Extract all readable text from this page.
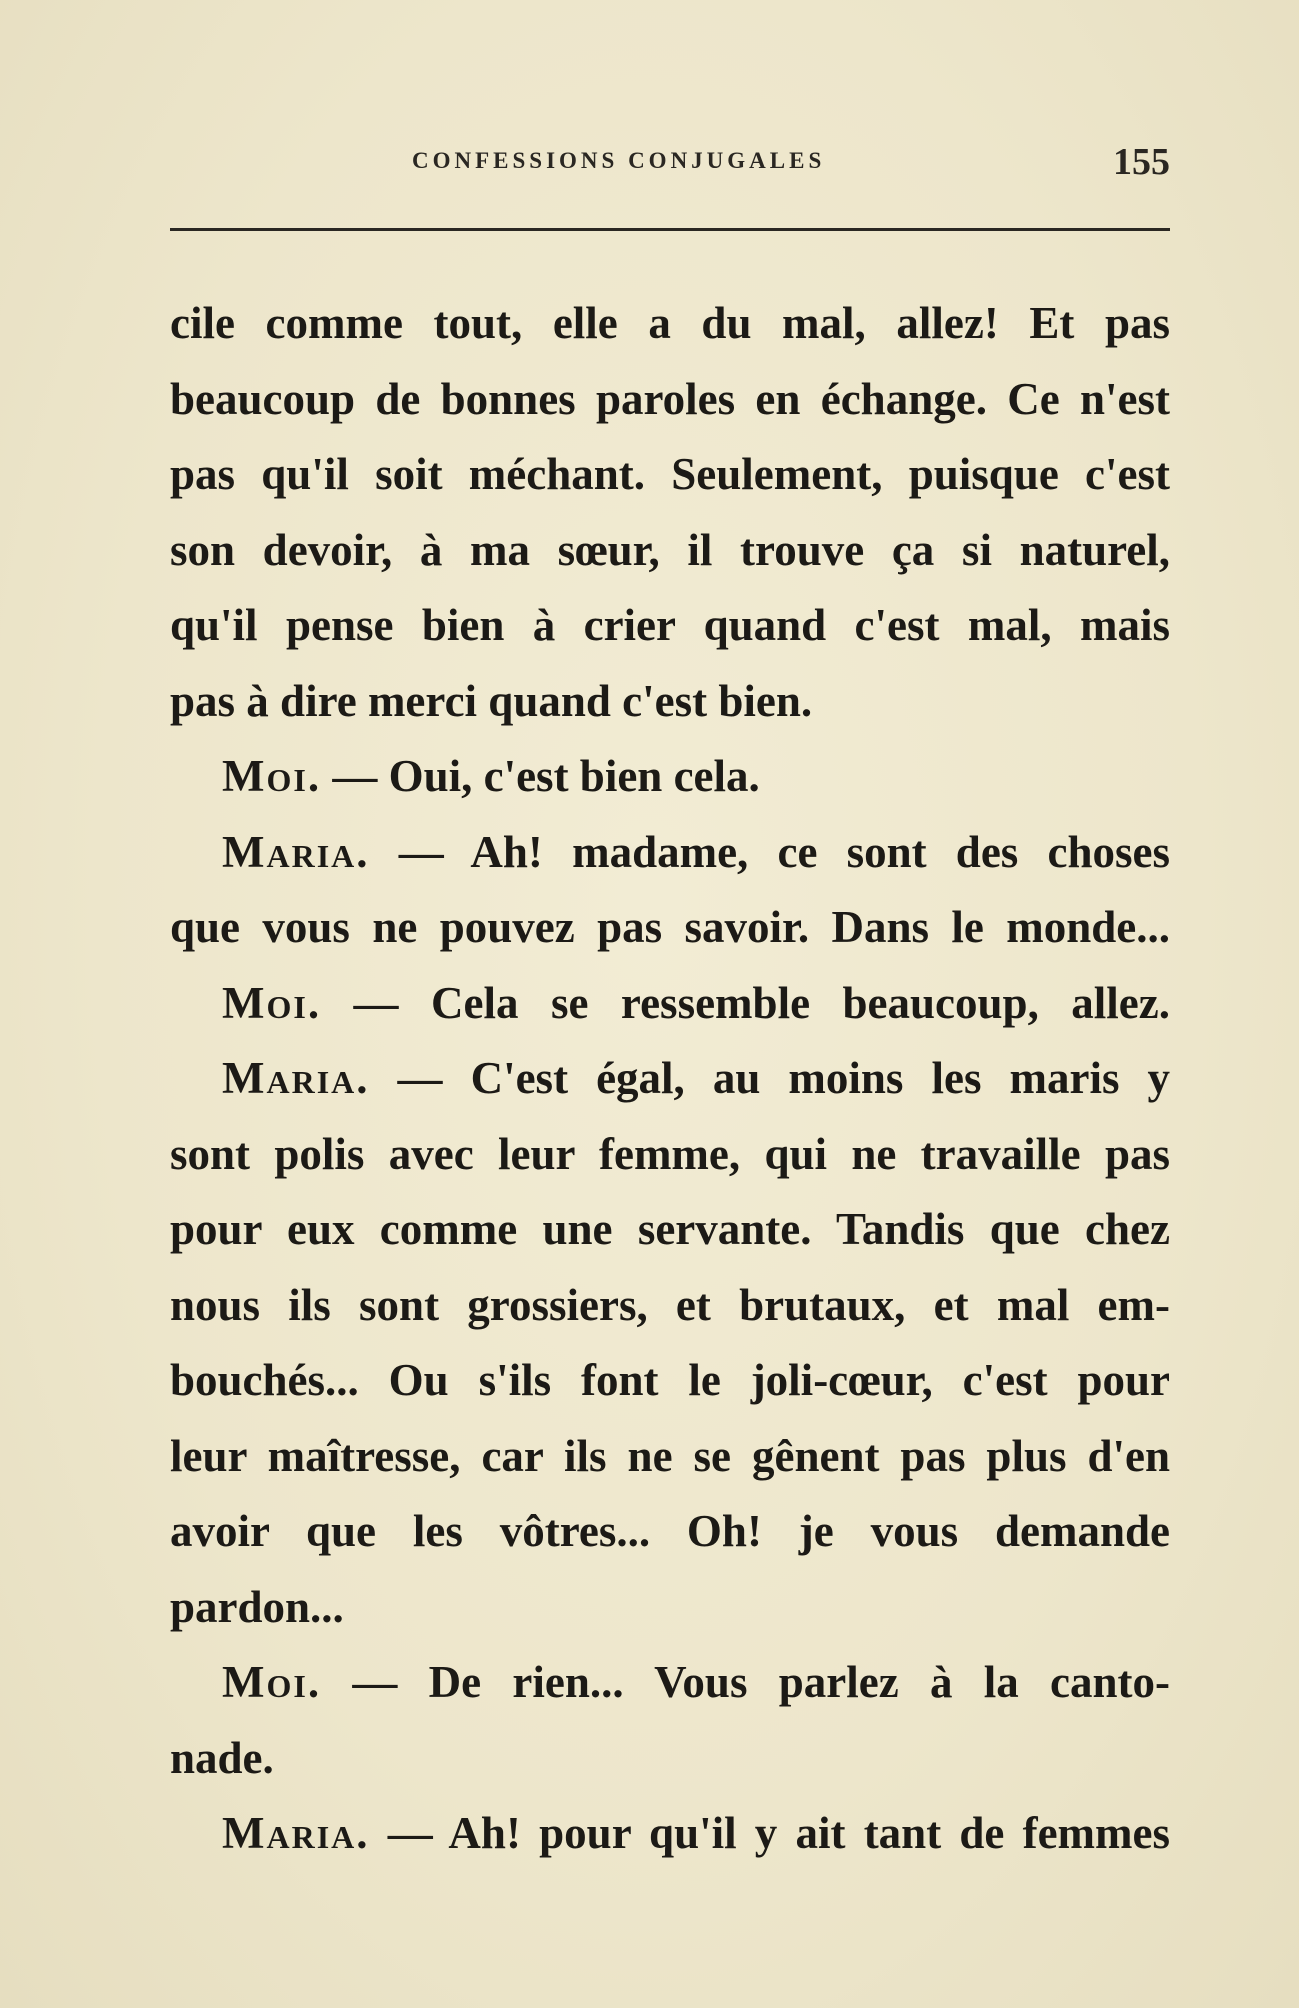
CONFESSIONS CONJUGALES	155
cile comme tout, elle a du mal, allez! Et pas
beaucoup de bonnes paroles en échange. Ce n'est
pas qu'il soit méchant. Seulement, puisque c'est
son devoir, à ma sœur, il trouve ça si naturel,
qu'il pense bien à crier quand c'est mal, mais
pas à dire merci quand c'est bien.
Moi. — Oui, c'est bien cela.
Maria. — Ah! madame, ce sont des choses
que vous ne pouvez pas savoir. Dans le monde...
Moi. — Cela se ressemble beaucoup, allez.
Maria. — C'est égal, au moins les maris y
sont polis avec leur femme, qui ne travaille pas
pour eux comme une servante. Tandis que chez
nous ils sont grossiers, et brutaux, et mal em-
bouchés... Ou s'ils font le joli-cœur, c'est pour
leur maîtresse, car ils ne se gênent pas plus d'en
avoir que les vôtres... Oh! je vous demande
pardon...
Moi. — De rien... Vous parlez à la canto-
nade.
Maria. — Ah! pour qu'il y ait tant de femmes
